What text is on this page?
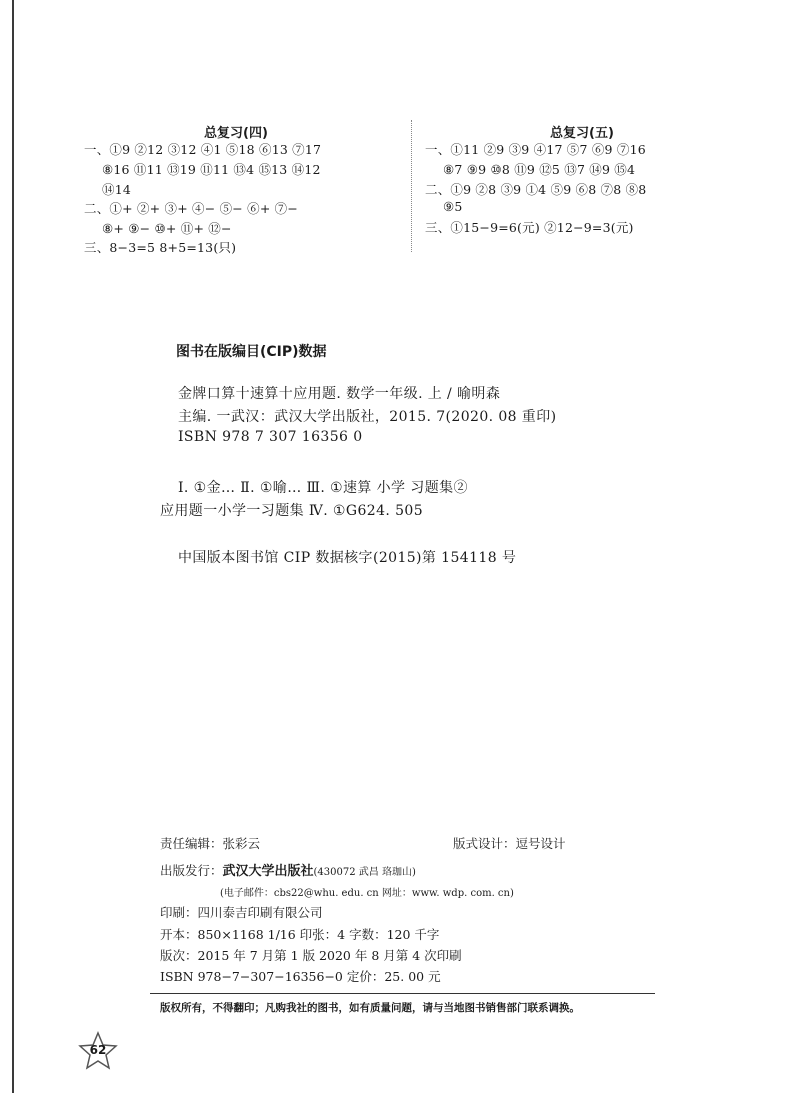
总复习(四)
一、①9 ②12 ③12 ④1 ⑤18 ⑥13 ⑦17
⑧16 ⑪11 ⑬19 ⑪11 ⑬4 ⑮13 ⑭12
⑭14
二、①+ ②+ ③+ ④− ⑤− ⑥+ ⑦−
⑧+ ⑨− ⑩+ ⑪+ ⑫−
三、8−3=5 8+5=13(只)
总复习(五)
一、①11 ②9 ③9 ④17 ⑤7 ⑥9 ⑦16
⑧7 ⑨9 ⑩8 ⑪9 ⑫5 ⑬7 ⑭9 ⑮4
二、①9 ②8 ③9 ①4 ⑤9 ⑥8 ⑦8 ⑧8
⑨5
三、①15−9=6(元) ②12−9=3(元)
图书在版编目(CIP)数据
金牌口算十速算十应用题. 数学一年级. 上 / 喻明森
主编. 一武汉：武汉大学出版社，2015. 7(2020. 08 重印)
ISBN 978 7 307 16356 0
Ⅰ. ①金… Ⅱ. ①喻… Ⅲ. ①速算 小学 习题集②
应用题一小学一习题集 Ⅳ. ①G624. 505
中国版本图书馆 CIP 数据核字(2015)第 154118 号
责任编辑：张彩云	版式设计：逗号设计
出版发行：武汉大学出版社(430072 武昌 珞珈山)
(电子邮件：cbs22@whu. edu. cn 网址：www. wdp. com. cn)
印刷：四川泰吉印刷有限公司
开本：850×1168 1/16 印张：4 字数：120 千字
版次：2015 年 7 月第 1 版 2020 年 8 月第 4 次印刷
ISBN 978−7−307−16356−0 定价：25. 00 元
版权所有，不得翻印；凡购我社的图书，如有质量问题，请与当地图书销售部门联系调换。
62
